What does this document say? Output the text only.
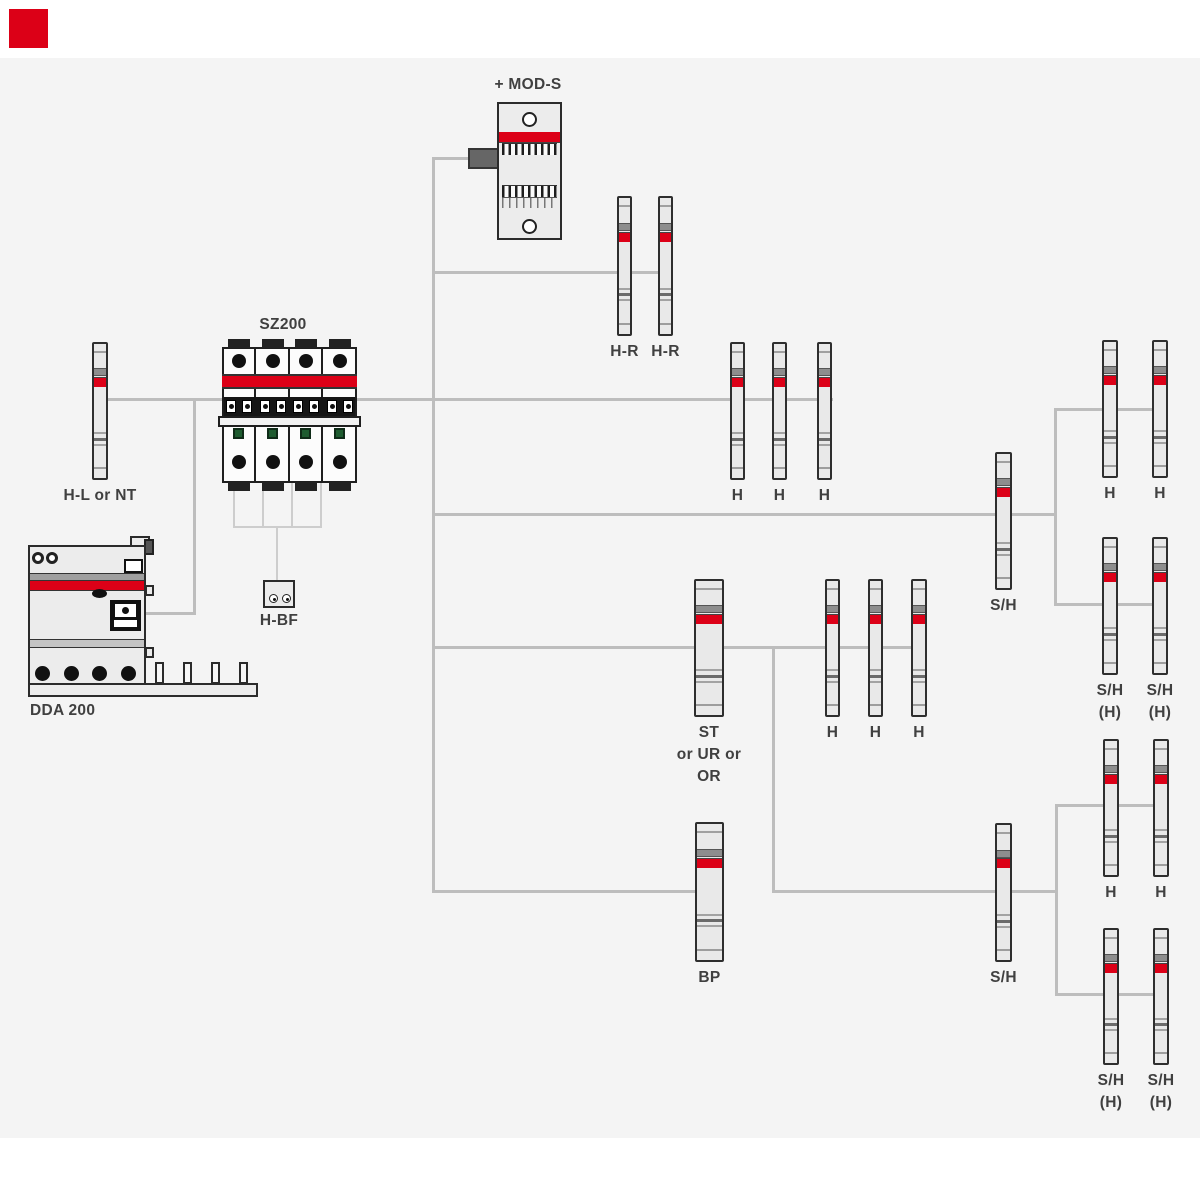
H-L or NT
H-R H-R
H H H
S/H
H H
S/H
(H)
S/H
(H)
ST
or UR or
OR
H H H
BP	S/H
H H
S/H
(H)
S/H
(H)
+ MOD-S
SZ200
DDA 200
H-BF
